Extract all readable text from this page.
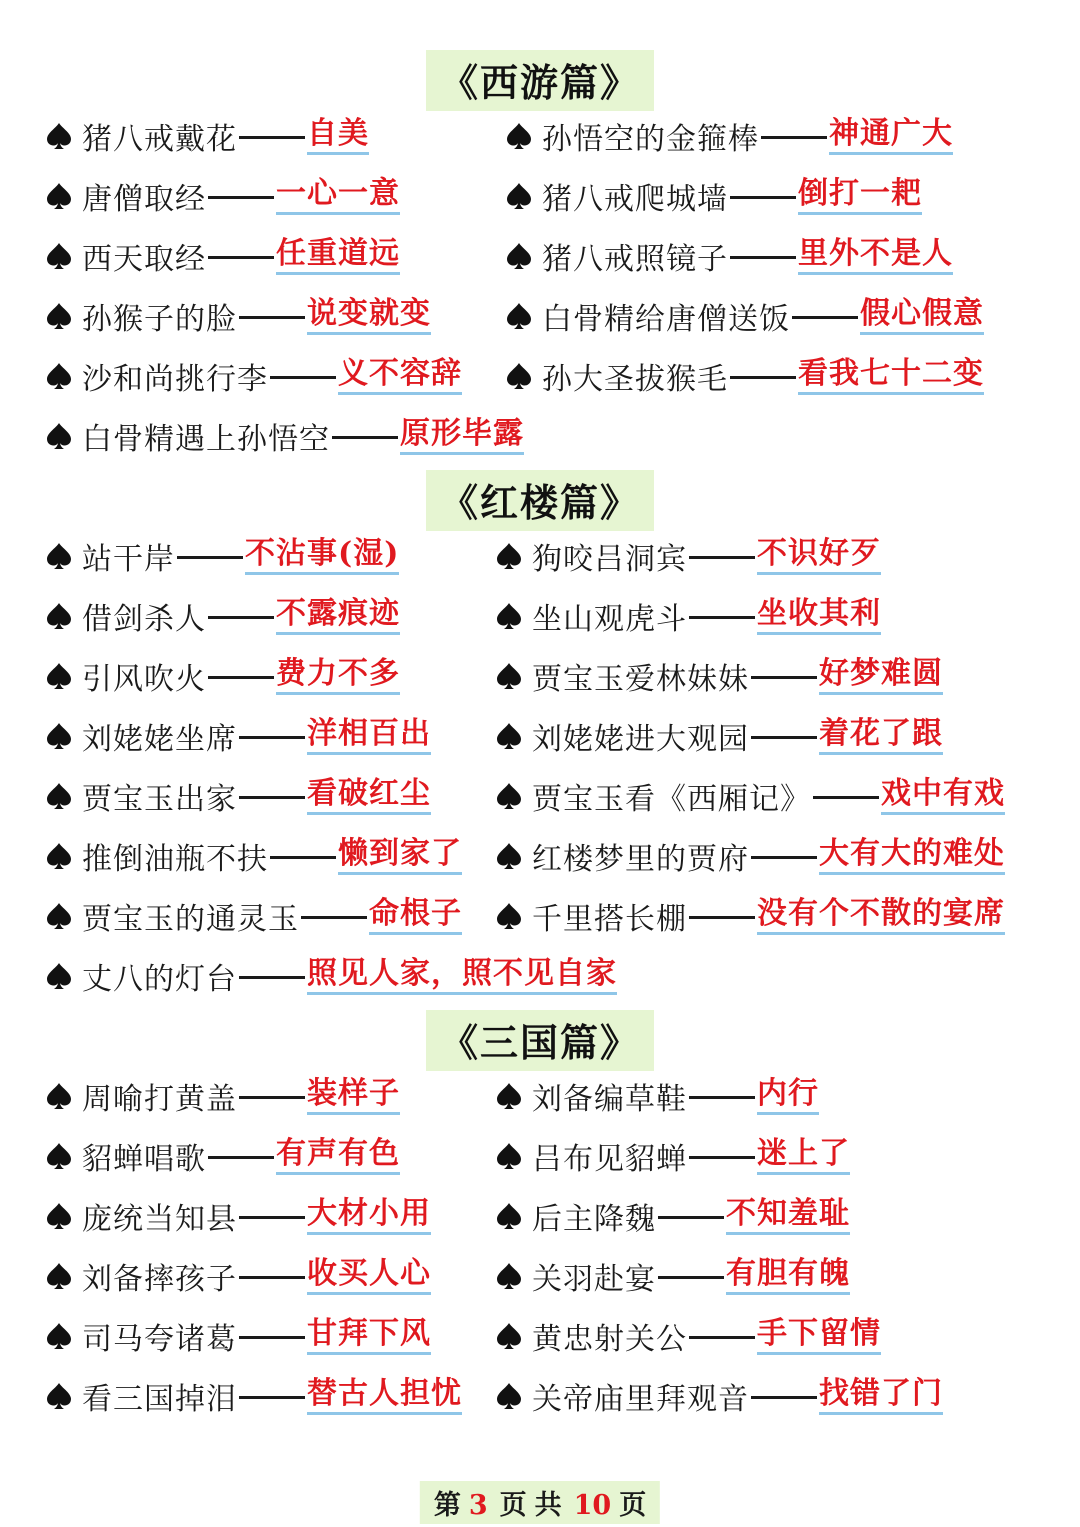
《西游篇》
猪八戒戴花 自美
唐僧取经 一心一意
西天取经 任重道远
孙猴子的脸 说变就变
沙和尚挑行李 义不容辞
白骨精遇上孙悟空 原形毕露
孙悟空的金箍棒 神通广大
猪八戒爬城墙 倒打一耙
猪八戒照镜子 里外不是人
白骨精给唐僧送饭 假心假意
孙大圣拔猴毛 看我七十二变
《红楼篇》
站干岸 不沾事(湿)
借剑杀人 不露痕迹
引风吹火 费力不多
刘姥姥坐席 洋相百出
贾宝玉出家 看破红尘
推倒油瓶不扶 懒到家了
贾宝玉的通灵玉 命根子
丈八的灯台 照见人家，照不见自家
狗咬吕洞宾 不识好歹
坐山观虎斗 坐收其利
贾宝玉爱林妹妹 好梦难圆
刘姥姥进大观园 着花了跟
贾宝玉看《西厢记》 戏中有戏
红楼梦里的贾府 大有大的难处
千里搭长棚 没有个不散的宴席
《三国篇》
周喻打黄盖 装样子
貂蝉唱歌 有声有色
庞统当知县 大材小用
刘备摔孩子 收买人心
司马夸诸葛 甘拜下风
看三国掉泪 替古人担忧
刘备编草鞋 内行
吕布见貂蝉 迷上了
后主降魏 不知羞耻
关羽赴宴 有胆有魄
黄忠射关公 手下留情
关帝庙里拜观音 找错了门
第 3 页 共 10 页
